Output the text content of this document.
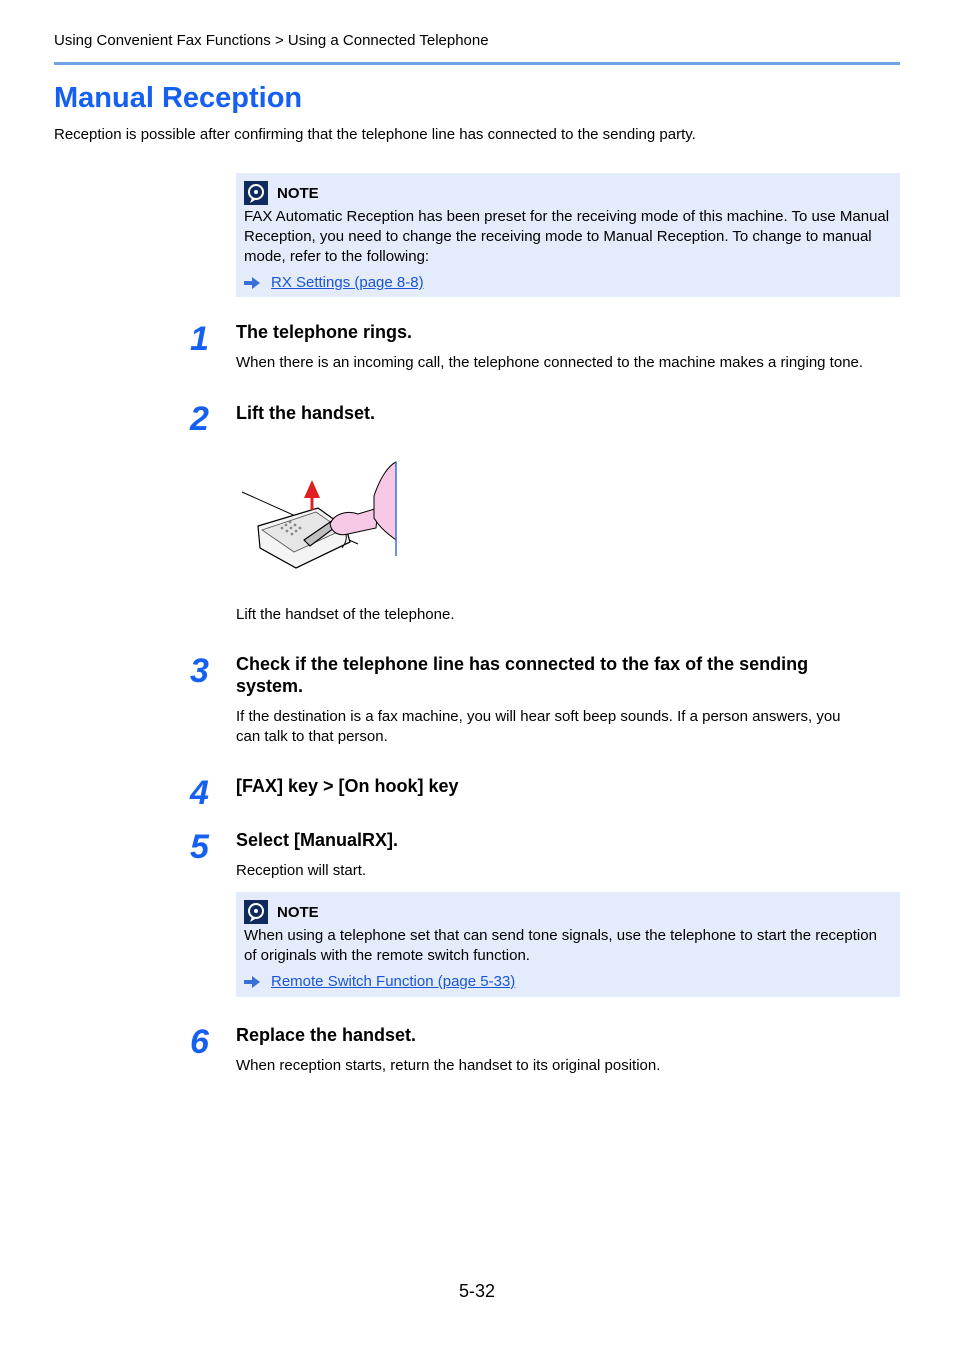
Using Convenient Fax Functions > Using a Connected Telephone
Manual Reception
Reception is possible after confirming that the telephone line has connected to the sending party.
NOTE
FAX Automatic Reception has been preset for the receiving mode of this machine. To use Manual Reception, you need to change the receiving mode to Manual Reception. To change to manual mode, refer to the following:
RX Settings (page 8-8)
1 The telephone rings.
When there is an incoming call, the telephone connected to the machine makes a ringing tone.
2 Lift the handset.
Lift the handset of the telephone.
3 Check if the telephone line has connected to the fax of the sending system.
If the destination is a fax machine, you will hear soft beep sounds. If a person answers, you can talk to that person.
4 [FAX] key > [On hook] key
5 Select [ManualRX].
Reception will start.
NOTE
When using a telephone set that can send tone signals, use the telephone to start the reception of originals with the remote switch function.
Remote Switch Function (page 5-33)
6 Replace the handset.
When reception starts, return the handset to its original position.
5-32
